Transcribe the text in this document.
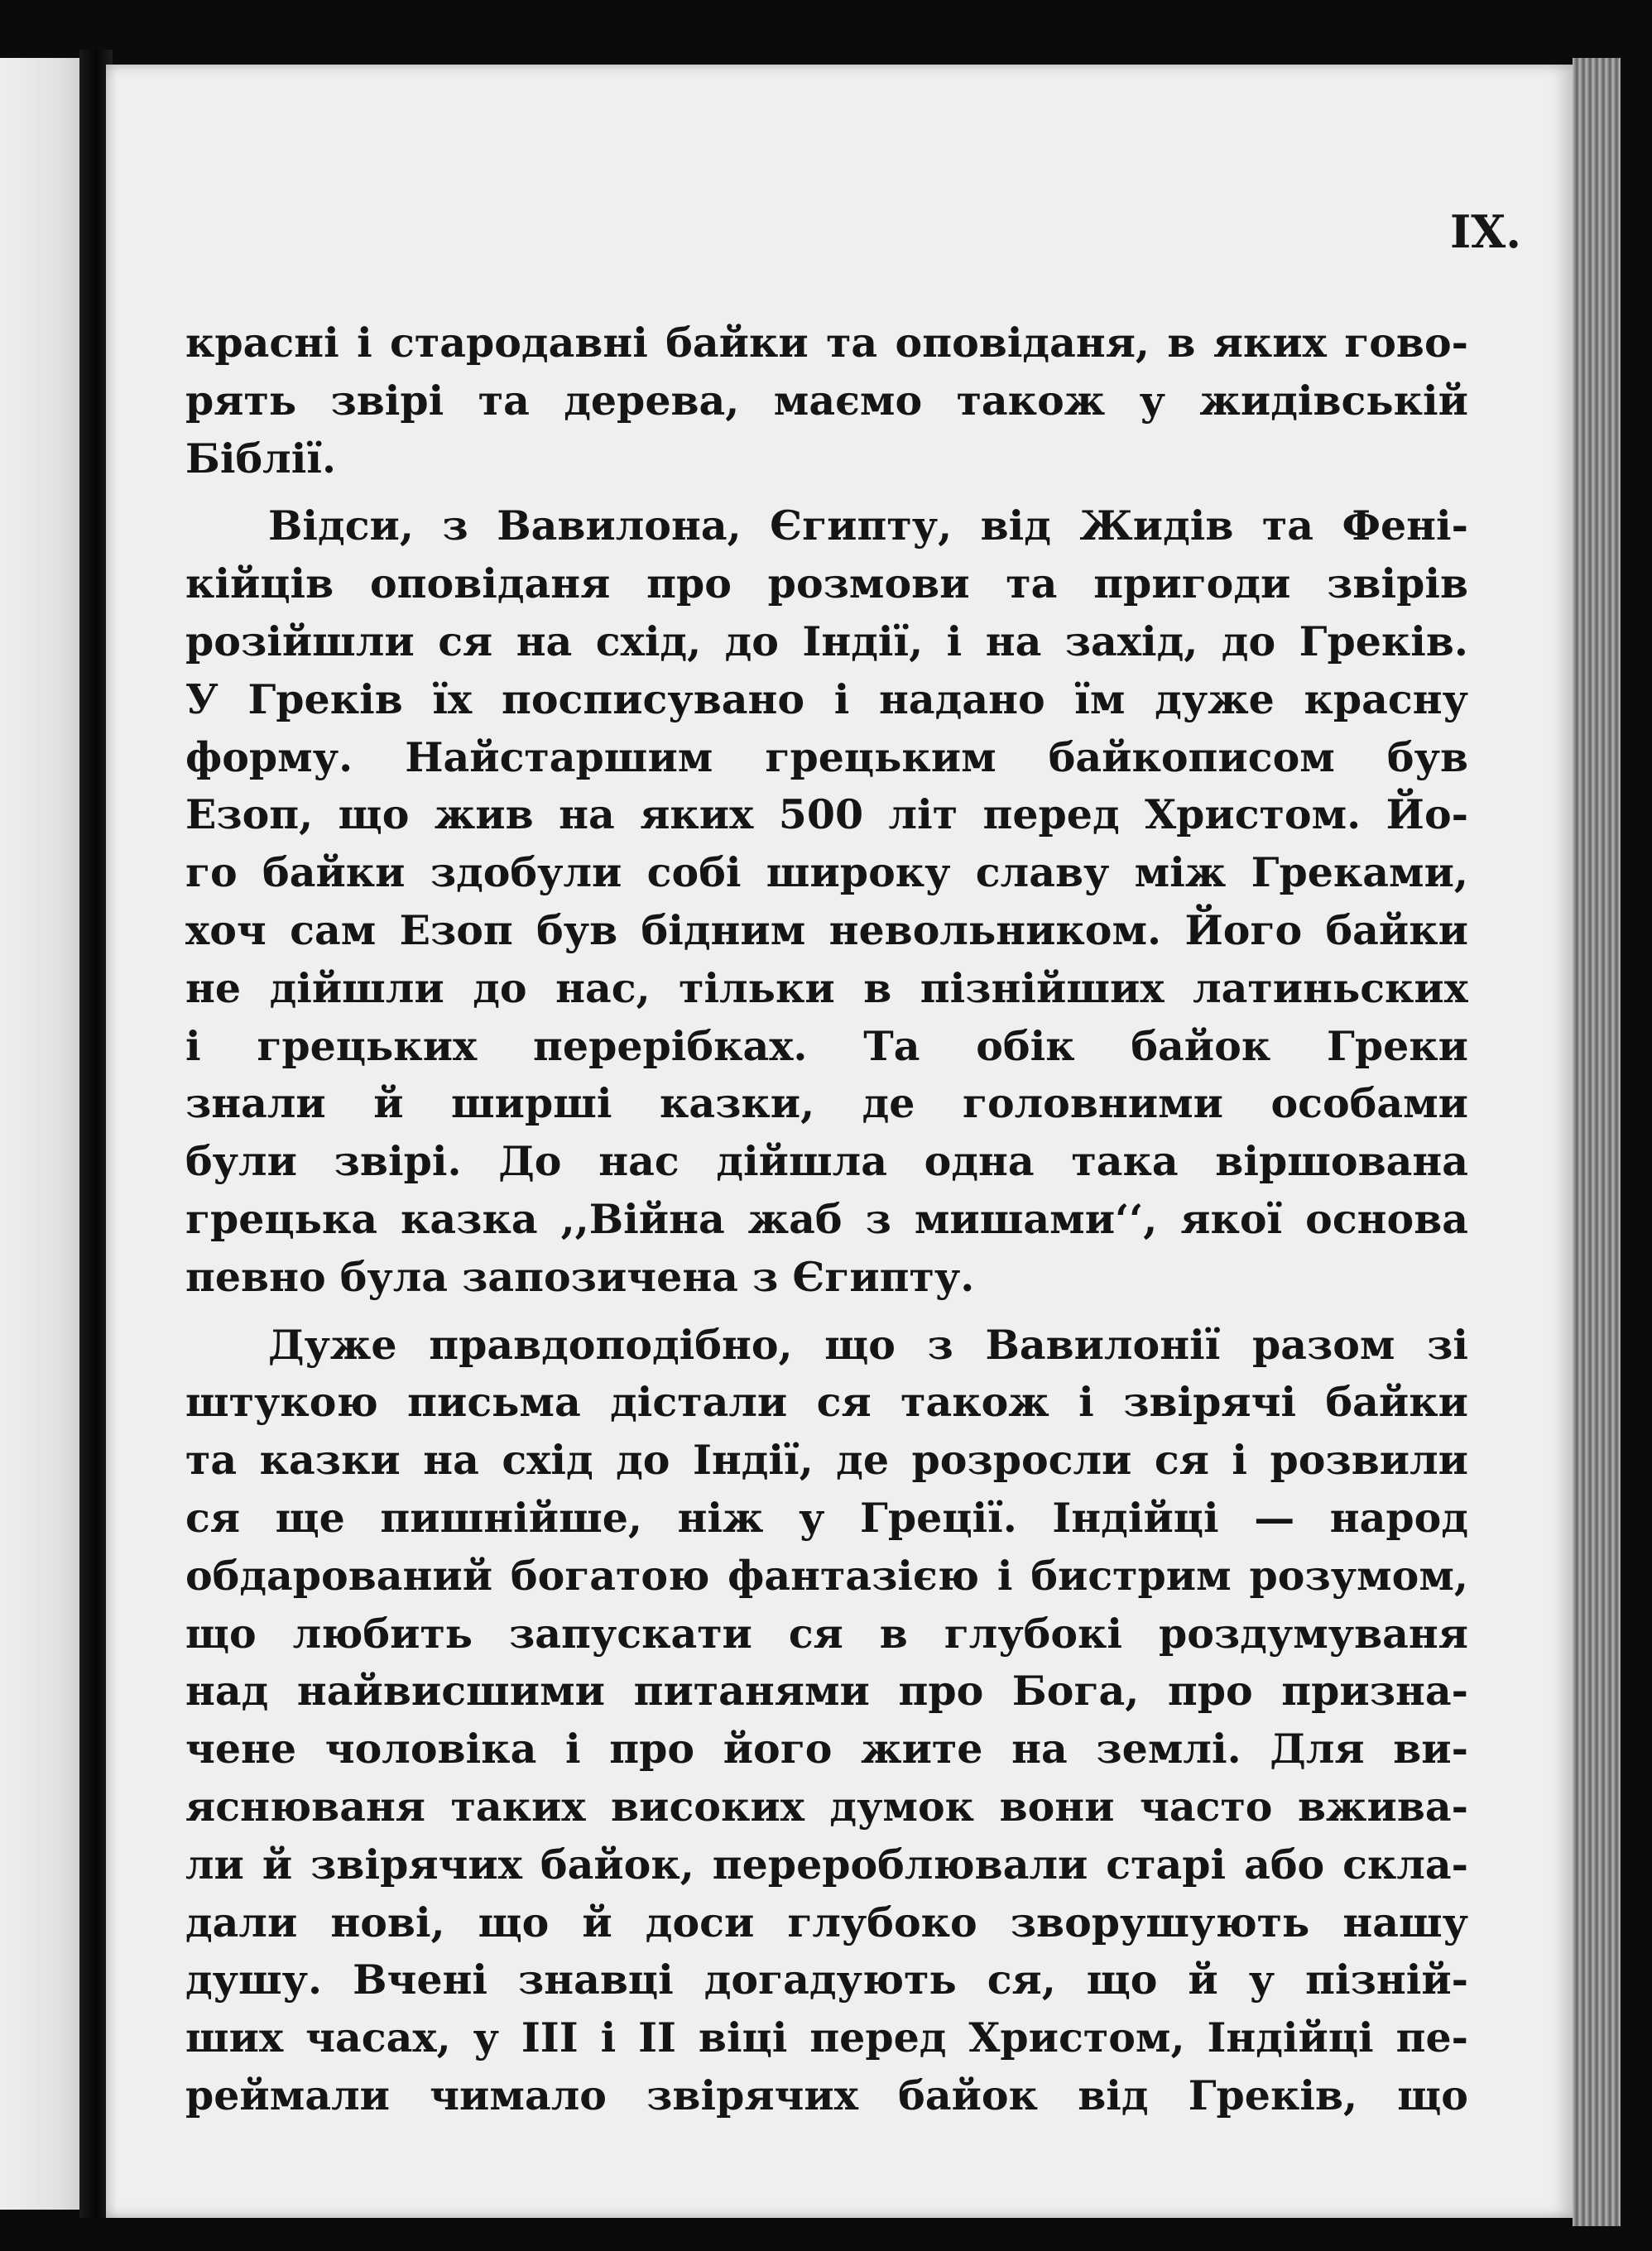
IX.

красні і стародавні байки та оповіданя, в яких гово-
рять звірі та дерева, маємо також у жидівській
Біблії.
Відси, з Вавилона, Єгипту, від Жидів та Фені-
кійців оповіданя про розмови та пригоди звірів
розійшли ся на схід, до Індії, і на захід, до Греків.
У Греків їх посписувано і надано їм дуже красну
форму. Найстаршим грецьким байкописом був
Езоп, що жив на яких 500 літ перед Христом. Йо-
го байки здобули собі широку славу між Греками,
хоч сам Езоп був бідним невольником. Його байки
не дійшли до нас, тільки в пізнійших латиньских
і грецьких перерібках. Та обік байок Греки
знали й ширші казки, де головними особами
були звірі. До нас дійшла одна така віршована
грецька казка ,,Війна жаб з мишами‘‘, якої основа
певно була запозичена з Єгипту.
Дуже правдоподібно, що з Вавилонії разом зі
штукою письма дістали ся також і звірячі байки
та казки на схід до Індії, де розросли ся і розвили
ся ще пишнійше, ніж у Греції. Індійці — народ
обдарований богатою фантазією і бистрим розумом,
що любить запускати ся в глубокі роздумуваня
над найвисшими питанями про Бога, про призна-
чене чоловіка і про його жите на землі. Для ви-
яснюваня таких високих думок вони часто вжива-
ли й звірячих байок, перероблювали старі або скла-
дали нові, що й доси глубоко зворушують нашу
душу. Вчені знавці догадують ся, що й у пізній-
ших часах, у III і II віці перед Христом, Індійці пе-
реймали чимало звірячих байок від Греків, що
